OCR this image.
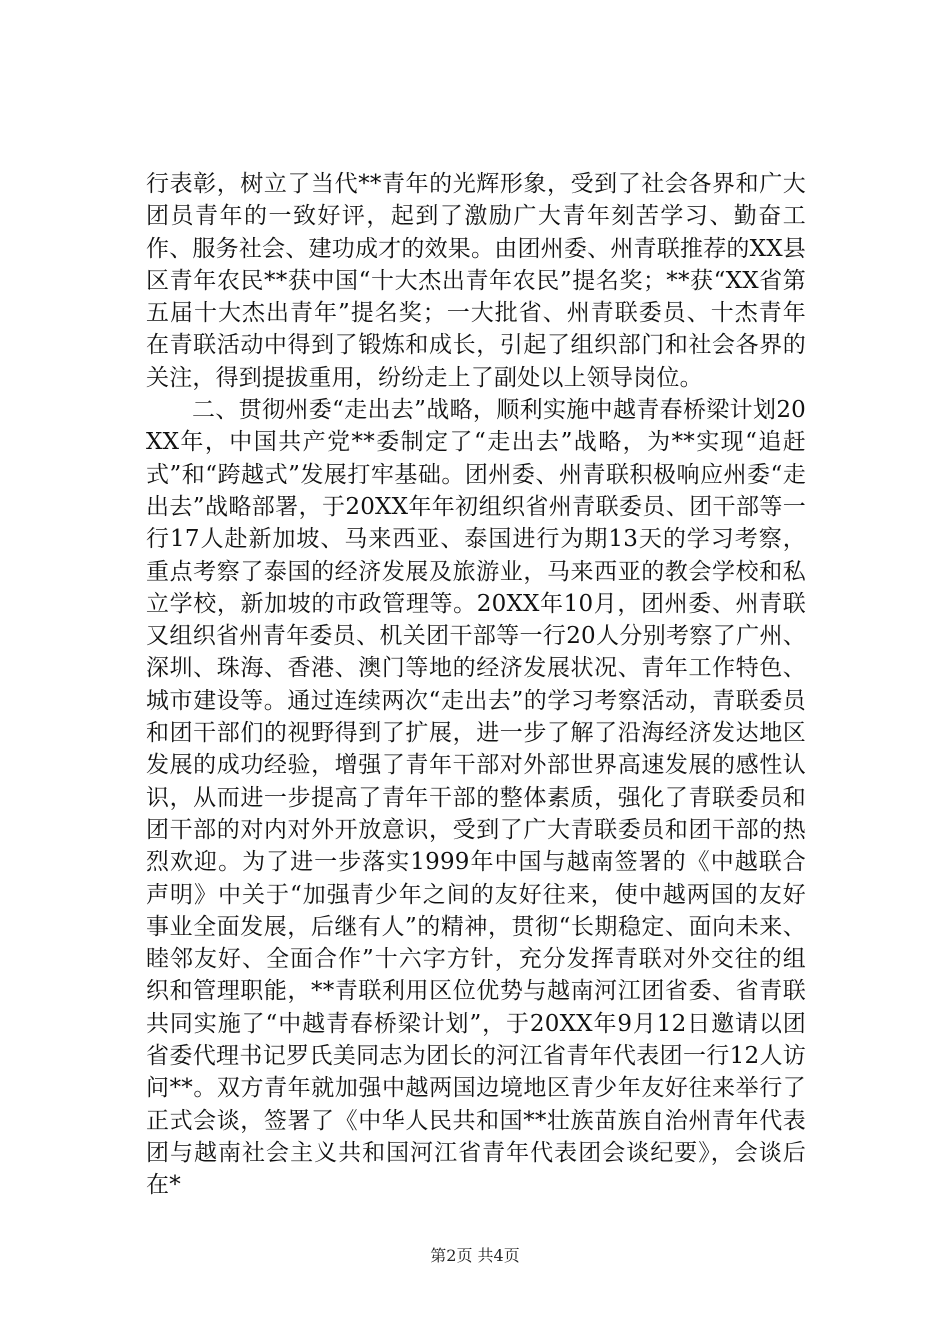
行表彰，树立了当代**青年的光辉形象，受到了社会各界和广大团员青年的一致好评，起到了激励广大青年刻苦学习、勤奋工作、服务社会、建功成才的效果。由团州委、州青联推荐的XX县区青年农民**获中国“十大杰出青年农民”提名奖；**获“XX省第五届十大杰出青年”提名奖；一大批省、州青联委员、十杰青年在青联活动中得到了锻炼和成长，引起了组织部门和社会各界的关注，得到提拔重用，纷纷走上了副处以上领导岗位。

二、贯彻州委“走出去”战略，顺利实施中越青春桥梁计划20XX年，中国共产党**委制定了“走出去”战略，为**实现“追赶式”和“跨越式”发展打牢基础。团州委、州青联积极响应州委“走出去”战略部署，于20XX年年初组织省州青联委员、团干部等一行17人赴新加坡、马来西亚、泰国进行为期13天的学习考察，重点考察了泰国的经济发展及旅游业，马来西亚的教会学校和私立学校，新加坡的市政管理等。20XX年10月，团州委、州青联又组织省州青年委员、机关团干部等一行20人分别考察了广州、深圳、珠海、香港、澳门等地的经济发展状况、青年工作特色、城市建设等。通过连续两次“走出去”的学习考察活动，青联委员和团干部们的视野得到了扩展，进一步了解了沿海经济发达地区发展的成功经验，增强了青年干部对外部世界高速发展的感性认识，从而进一步提高了青年干部的整体素质，强化了青联委员和团干部的对内对外开放意识，受到了广大青联委员和团干部的热烈欢迎。为了进一步落实1999年中国与越南签署的《中越联合声明》中关于“加强青少年之间的友好往来，使中越两国的友好事业全面发展，后继有人”的精神，贯彻“长期稳定、面向未来、睦邻友好、全面合作”十六字方针，充分发挥青联对外交往的组织和管理职能，**青联利用区位优势与越南河江团省委、省青联共同实施了“中越青春桥梁计划”，于20XX年9月12日邀请以团省委代理书记罗氏美同志为团长的河江省青年代表团一行12人访问**。双方青年就加强中越两国边境地区青少年友好往来举行了正式会谈，签署了《中华人民共和国**壮族苗族自治州青年代表团与越南社会主义共和国河江省青年代表团会谈纪要》，会谈后在*

第2页 共4页
